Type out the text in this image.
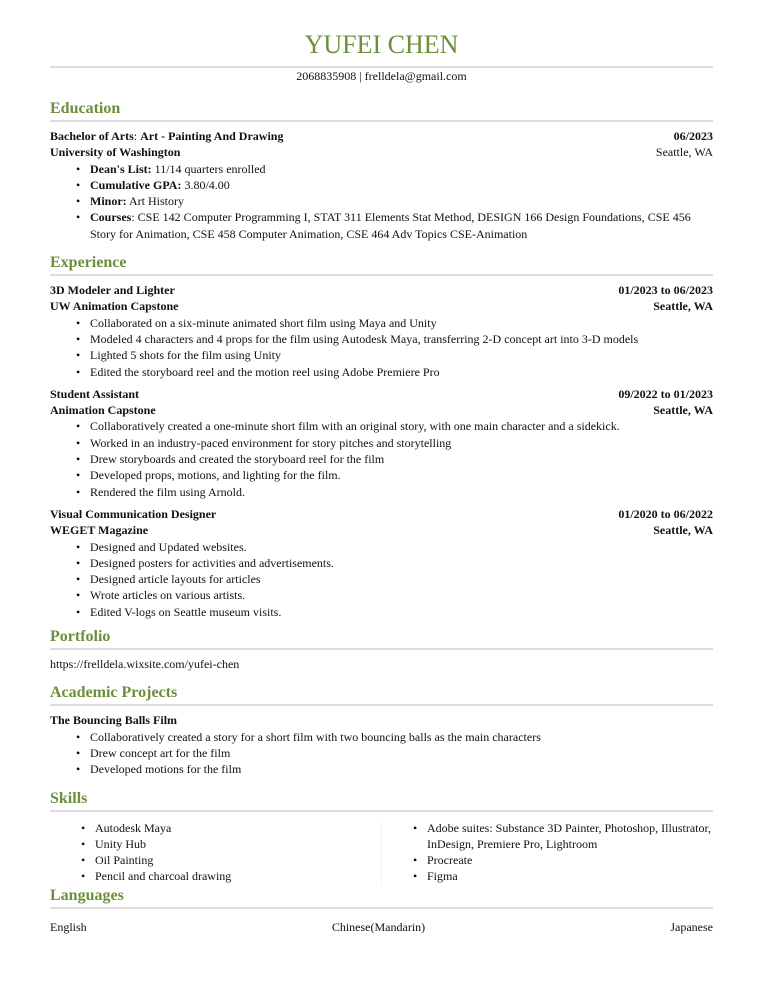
YUFEI CHEN
2068835908 | frelldela@gmail.com
Education
Bachelor of Arts: Art - Painting And Drawing	06/2023
University of Washington	Seattle, WA
• Dean's List: 11/14 quarters enrolled
• Cumulative GPA: 3.80/4.00
• Minor: Art History
• Courses: CSE 142 Computer Programming I, STAT 311 Elements Stat Method, DESIGN 166 Design Foundations, CSE 456 Story for Animation, CSE 458 Computer Animation, CSE 464 Adv Topics CSE-Animation
Experience
3D Modeler and Lighter	01/2023 to 06/2023
UW Animation Capstone	Seattle, WA
• Collaborated on a six-minute animated short film using Maya and Unity
• Modeled 4 characters and 4 props for the film using Autodesk Maya, transferring 2-D concept art into 3-D models
• Lighted 5 shots for the film using Unity
• Edited the storyboard reel and the motion reel using Adobe Premiere Pro
Student Assistant	09/2022 to 01/2023
Animation Capstone	Seattle, WA
• Collaboratively created a one-minute short film with an original story, with one main character and a sidekick.
• Worked in an industry-paced environment for story pitches and storytelling
• Drew storyboards and created the storyboard reel for the film
• Developed props, motions, and lighting for the film.
• Rendered the film using Arnold.
Visual Communication Designer	01/2020 to 06/2022
WEGET Magazine	Seattle, WA
• Designed and Updated websites.
• Designed posters for activities and advertisements.
• Designed article layouts for articles
• Wrote articles on various artists.
• Edited V-logs on Seattle museum visits.
Portfolio
https://frelldela.wixsite.com/yufei-chen
Academic Projects
The Bouncing Balls Film
• Collaboratively created a story for a short film with two bouncing balls as the main characters
• Drew concept art for the film
• Developed motions for the film
Skills
• Autodesk Maya
• Unity Hub
• Oil Painting
• Pencil and charcoal drawing
• Adobe suites: Substance 3D Painter, Photoshop, Illustrator, InDesign, Premiere Pro, Lightroom
• Procreate
• Figma
Languages
English	Chinese(Mandarin)	Japanese
